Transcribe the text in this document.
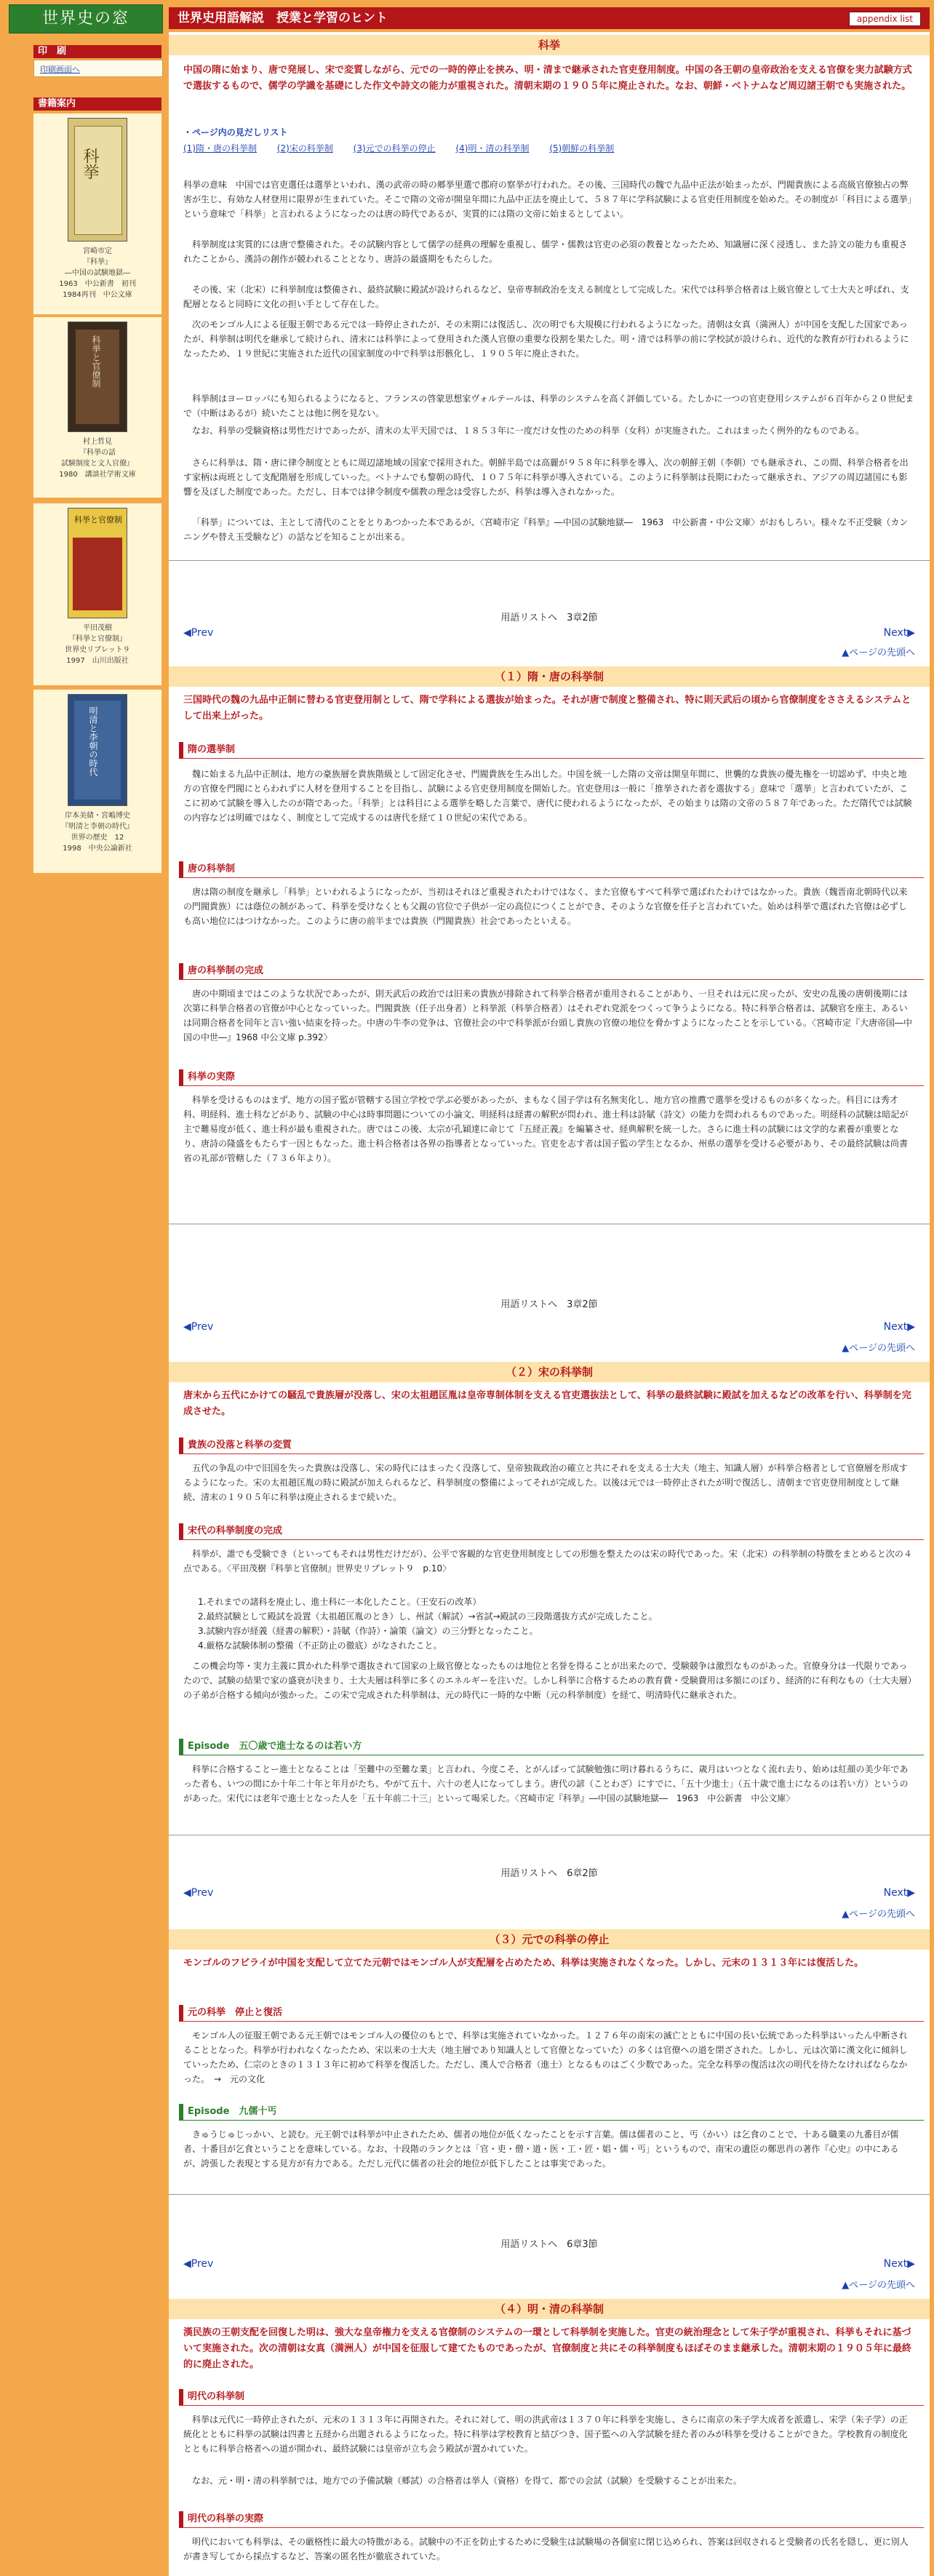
世界史の窓
印　刷
印刷画面へ
書籍案内
科挙
宮崎市定
『科挙』
―中国の試験地獄―
1963　中公新書　初刊
1984再刊　中公文庫
科挙と官僚制
村上哲見
『科挙の話
試験制度と文人官僚』
1980　講談社学術文庫
科挙と官僚制
平田茂樹
『科挙と官僚制』
世界史リブレット９
1997　山川出版社
明清と李朝の時代
岸本美緒・宮嶋博史
『明清と李朝の時代』
世界の歴史　12
1998　中央公論新社
世界史用語解説　授業と学習のヒント	appendix list
科挙
中国の隋に始まり、唐で発展し、宋で変質しながら、元での一時的停止を挟み、明・清まで継承された官吏登用制度。中国の各王朝の皇帝政治を支える官僚を実力試験方式で選抜するもので、儒学の学識を基礎にした作文や詩文の能力が重視された。清朝末期の１９０５年に廃止された。なお、朝鮮・ベトナムなど周辺諸王朝でも実施された。
・ページ内の見だしリスト
(1)隋・唐の科挙制 (2)宋の科挙制 (3)元での科挙の停止 (4)明・清の科挙制 (5)朝鮮の科挙制
科挙の意味　中国では官吏選任は選挙といわれ、漢の武帝の時の郷挙里選で郡府の察挙が行われた。その後、三国時代の魏で九品中正法が始まったが、門閥貴族による高級官僚独占の弊害が生じ、有効な人材登用に限界が生まれていた。そこで隋の文帝が開皇年間に九品中正法を廃止して、５８７年に学科試験による官吏任用制度を始めた。その制度が「科目による選挙」という意味で「科挙」と言われるようになったのは唐の時代であるが、実質的には隋の文帝に始まるとしてよい。
科挙制度は実質的には唐で整備された。その試験内容として儒学の経典の理解を重視し、儒学・儒教は官吏の必須の教養となったため、知識層に深く浸透し、また詩文の能力も重視されたことから、漢詩の創作が競われることとなり、唐詩の最盛期をもたらした。
その後、宋（北宋）に科挙制度は整備され、最終試験に殿試が設けられるなど、皇帝専制政治を支える制度として完成した。宋代では科挙合格者は上級官僚として士大夫と呼ばれ、支配層となると同時に文化の担い手として存在した。
次のモンゴル人による征服王朝である元では一時停止されたが、その末期には復活し、次の明でも大規模に行われるようになった。清朝は女真（満洲人）が中国を支配した国家であったが、科挙制は明代を継承して続けられ、清末には科挙によって登用された漢人官僚の重要な役割を果たした。明・清では科挙の前に学校試が設けられ、近代的な教育が行われるようになったため、１９世紀に実施された近代の国家制度の中で科挙は形骸化し、１９０５年に廃止された。
科挙制はヨーロッパにも知られるようになると、フランスの啓蒙思想家ヴォルテールは、科挙のシステムを高く評価している。たしかに一つの官吏登用システムが６百年から２０世紀まで（中断はあるが）続いたことは他に例を見ない。
なお、科挙の受験資格は男性だけであったが、清末の太平天国では、１８５３年に一度だけ女性のための科挙（女科）が実施された。これはまったく例外的なものである。
さらに科挙は、隋・唐に律令制度とともに周辺諸地域の国家で採用された。朝鮮半島では高麗が９５８年に科挙を導入、次の朝鮮王朝（李朝）でも継承され、この間、科挙合格者を出す家柄は両班として支配階層を形成していった。ベトナムでも黎朝の時代、１０７５年に科挙が導入されている。このように科挙制は長期にわたって継承され、アジアの周辺諸国にも影響を及ぼした制度であった。ただし、日本では律令制度や儒教の理念は受容したが、科挙は導入されなかった。
「科挙」については、主として清代のことをとりあつかった本であるが、〈宮崎市定『科挙』―中国の試験地獄―　1963　中公新書・中公文庫〉がおもしろい。様々な不正受験（カンニングや替え玉受験など）の話などを知ることが出来る。
用語リストへ　3章2節
◀Prev	Next▶
▲ページの先頭へ
（１）隋・唐の科挙制
三国時代の魏の九品中正制に替わる官吏登用制として、隋で学科による選抜が始まった。それが唐で制度と整備され、特に則天武后の頃から官僚制度をささえるシステムとして出来上がった。
隋の選挙制
魏に始まる九品中正制は、地方の豪族層を貴族階級として固定化させ、門閥貴族を生み出した。中国を統一した隋の文帝は開皇年間に、世襲的な貴族の優先権を一切認めず、中央と地方の官僚を門閥にとらわれずに人材を登用することを目指し、試験による官吏登用制度を開始した。官吏登用は一般に「推挙された者を選抜する」意味で「選挙」と言われていたが、ここに初めて試験を導入したのが隋であった。「科挙」とは科目による選挙を略した言葉で、唐代に使われるようになったが、その始まりは隋の文帝の５８７年であった。ただ隋代では試験の内容などは明確ではなく、制度として完成するのは唐代を経て１０世紀の宋代である。
唐の科挙制
唐は隋の制度を継承し「科挙」といわれるようになったが、当初はそれほど重視されたわけではなく、また官僚もすべて科挙で選ばれたわけではなかった。貴族（魏晋南北朝時代以来の門閥貴族）には蔭位の制があって、科挙を受けなくとも父親の官位で子供が一定の高位につくことができ、そのような官僚を任子と言われていた。始めは科挙で選ばれた官僚は必ずしも高い地位にはつけなかった。このように唐の前半までは貴族（門閥貴族）社会であったといえる。
唐の科挙制の完成
唐の中期頃まではこのような状況であったが、則天武后の政治では旧来の貴族が排除されて科挙合格者が重用されることがあり、一旦それは元に戻ったが、安史の乱後の唐朝後期には次第に科挙合格者の官僚が中心となっていった。門閥貴族（任子出身者）と科挙派（科挙合格者）はそれぞれ党派をつくって争うようになる。特に科挙合格者は、試験官を座主、あるいは同期合格者を同年と言い強い結束を持った。中唐の牛李の党争は、官僚社会の中で科挙派が台頭し貴族の官僚の地位を脅かすようになったことを示している。〈宮崎市定『大唐帝国―中国の中世―』1968 中公文庫 p.392〉
科挙の実際
科挙を受けるものはまず、地方の国子監が管轄する国立学校で学ぶ必要があったが、まもなく国子学は有名無実化し、地方官の推薦で選挙を受けるものが多くなった。科目には秀才科、明経科、進士科などがあり、試験の中心は時事問題についての小論文、明経科は経書の解釈が問われ、進士科は詩賦（詩文）の能力を問われるものであった。明経科の試験は暗記が主で難易度が低く、進士科が最も重視された。唐ではこの後、太宗が孔穎達に命じて『五経正義』を編纂させ、経典解釈を統一した。さらに進士科の試験には文学的な素養が重要となり、唐詩の隆盛をもたらす一因ともなった。進士科合格者は各界の指導者となっていった。官吏を志す者は国子監の学生となるか、州県の選挙を受ける必要があり、その最終試験は尚書省の礼部が管轄した（７３６年より）。
用語リストへ　3章2節
◀Prev	Next▶
▲ページの先頭へ
（２）宋の科挙制
唐末から五代にかけての騒乱で貴族層が没落し、宋の太祖趙匡胤は皇帝専制体制を支える官吏選抜法として、科挙の最終試験に殿試を加えるなどの改革を行い、科挙制を完成させた。
貴族の没落と科挙の変質
五代の争乱の中で旧国を失った貴族は没落し、宋の時代にはまったく没落して、皇帝独裁政治の確立と共にそれを支える士大夫（地主、知識人層）が科挙合格者として官僚層を形成するようになった。宋の太祖趙匡胤の時に殿試が加えられるなど、科挙制度の整備によってそれが完成した。以後は元では一時停止されたが明で復活し、清朝まで官吏登用制度として継続、清末の１９０５年に科挙は廃止されるまで続いた。
宋代の科挙制度の完成
科挙が、誰でも受験でき（といってもそれは男性だけだが）、公平で客観的な官吏登用制度としての形態を整えたのは宋の時代であった。宋（北宋）の科挙制の特徴をまとめると次の４点である。〈平田茂樹『科挙と官僚制』世界史リブレット９　p.10〉
1.それまでの諸科を廃止し、進士科に一本化したこと。（王安石の改革）
2.最終試験として殿試を設置（太祖趙匡胤のとき）し、州試（解試）→省試→殿試の三段階選抜方式が完成したこと。
3.試験内容が経義（経書の解釈）・詩賦（作詩）・論策（論文）の三分野となったこと。
4.厳格な試験体制の整備（不正防止の徹底）がなされたこと。
この機会均等・実力主義に貫かれた科挙で選抜されて国家の上級官僚となったものは地位と名誉を得ることが出来たので、受験競争は激烈なものがあった。官僚身分は一代限りであったので、試験の結果で家の盛衰が決まり、士大夫層は科挙に多くのエネルギーを注いだ。しかし科挙に合格するための教育費・受験費用は多額にのぼり、経済的に有利なもの（士大夫層）の子弟が合格する傾向が強かった。この宋で完成された科挙制は、元の時代に一時的な中断（元の科挙制度）を経て、明清時代に継承された。
Episode　五〇歳で進士なるのは若い方
科挙に合格することー進士となることは「至難中の至難な業」と言われ、今度こそ、とがんばって試験勉強に明け暮れるうちに、歳月はいつとなく流れ去り、始めは紅顔の美少年であった者も、いつの間にか十年二十年と年月がたち、やがて五十、六十の老人になってしまう。唐代の諺（ことわざ）にすでに、「五十少進士」（五十歳で進士になるのは若い方）というのがあった。宋代には老年で進士となった人を「五十年前二十三」といって喝采した。〈宮崎市定『科挙』―中国の試験地獄―　1963　中公新書　中公文庫〉
用語リストへ　6章2節
◀Prev	Next▶
▲ページの先頭へ
（３）元での科挙の停止
モンゴルのフビライが中国を支配して立てた元朝ではモンゴル人が支配層を占めたため、科挙は実施されなくなった。しかし、元末の１３１３年には復活した。
元の科挙　停止と復活
モンゴル人の征服王朝である元王朝ではモンゴル人の優位のもとで、科挙は実施されていなかった。１２７６年の南宋の滅亡とともに中国の長い伝統であった科挙はいったん中断されることとなった。科挙が行われなくなったため、宋以来の士大夫（地主層であり知識人として官僚となっていた）の多くは官僚への道を閉ざされた。しかし、元は次第に漢文化に傾斜していったため、仁宗のときの１３１３年に初めて科挙を復活した。ただし、漢人で合格者（進士）となるものはごく少数であった。完全な科挙の復活は次の明代を待たなければならなかった。　→　元の文化
Episode　九儒十丐
きゅうじゅじっかい、と読む。元王朝では科挙が中止されたため、儒者の地位が低くなったことを示す言葉。儒は儒者のこと、丐（かい）は乞食のことで、十ある職業の九番目が儒者、十番目が乞食ということを意味している。なお、十段階のランクとは「官・吏・僧・道・医・工・匠・娼・儒・丐」というもので、南宋の遺臣の鄭思肖の著作『心史』の中にあるが、誇張した表現とする見方が有力である。ただし元代に儒者の社会的地位が低下したことは事実であった。
用語リストへ　6章3節
◀Prev	Next▶
▲ページの先頭へ
（４）明・清の科挙制
漢民族の王朝支配を回復した明は、強大な皇帝権力を支える官僚制のシステムの一環として科挙制を実施した。官吏の統治理念として朱子学が重視され、科挙もそれに基づいて実施された。次の清朝は女真（満洲人）が中国を征服して建てたものであったが、官僚制度と共にその科挙制度もほぼそのまま継承した。清朝末期の１９０５年に最終的に廃止された。
明代の科挙制
科挙は元代に一時停止されたが、元末の１３１３年に再開された。それに対して、明の洪武帝は１３７０年に科挙を実施し、さらに南京の朱子学大成者を派遣し、宋学（朱子学）の正統化とともに科挙の試験は四書と五経から出題されるようになった。特に科挙は学校教育と結びつき、国子監への入学試験を経た者のみが科挙を受けることができた。学校教育の制度化とともに科挙合格者への道が開かれ、最終試験には皇帝が立ち会う殿試が置かれていた。
なお、元・明・清の科挙制では、地方での予備試験（郷試）の合格者は挙人（資格）を得て、都での会試（試験）を受験することが出来た。
明代の科挙の実際
明代においても科挙は、その厳格性に最大の特徴がある。試験中の不正を防止するために受験生は試験場の各個室に閉じ込められ、答案は回収されると受験者の氏名を隠し、更に別人が書き写してから採点するなど、答案の匿名性が徹底されていた。
